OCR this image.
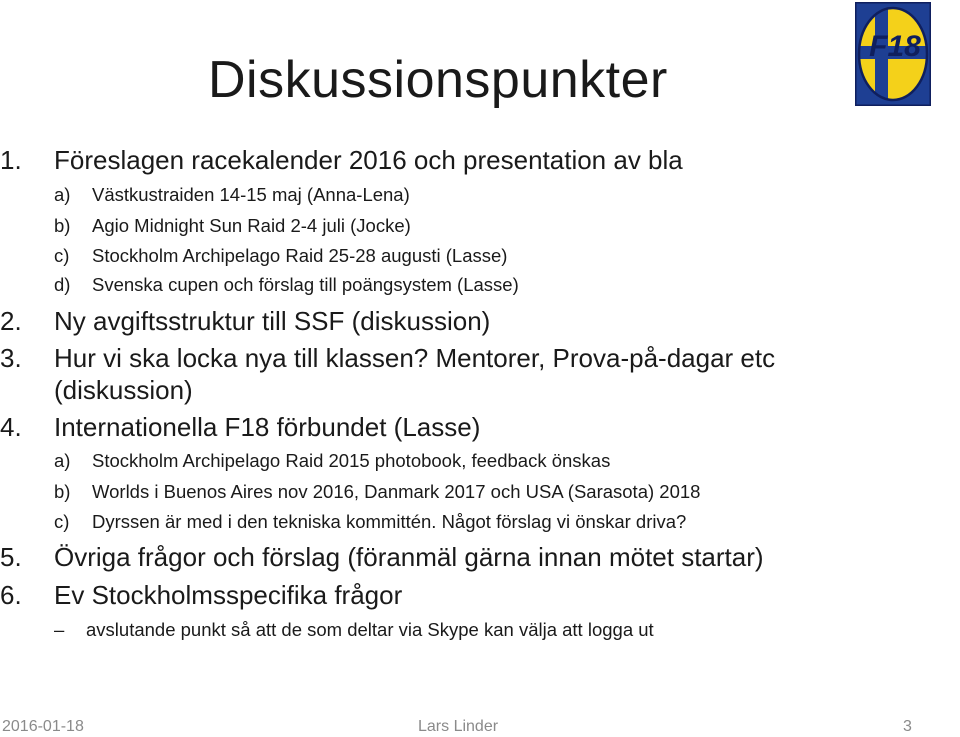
Diskussionspunkter
F18
1. Föreslagen racekalender 2016 och presentation av bla
a) Västkustraiden 14-15 maj (Anna-Lena)
b) Agio Midnight Sun Raid 2-4 juli (Jocke)
c) Stockholm Archipelago Raid 25-28 augusti (Lasse)
d) Svenska cupen och förslag till poängsystem (Lasse)
2. Ny avgiftsstruktur till SSF (diskussion)
3. Hur vi ska locka nya till klassen? Mentorer, Prova-på-dagar etc
(diskussion)
4. Internationella F18 förbundet (Lasse)
a) Stockholm Archipelago Raid 2015 photobook, feedback önskas
b) Worlds i Buenos Aires nov 2016, Danmark 2017 och USA (Sarasota) 2018
c) Dyrssen är med i den tekniska kommittén. Något förslag vi önskar driva?
5. Övriga frågor och förslag (föranmäl gärna innan mötet startar)
6. Ev Stockholmsspecifika frågor
– avslutande punkt så att de som deltar via Skype kan välja att logga ut
2016-01-18	Lars Linder	3
